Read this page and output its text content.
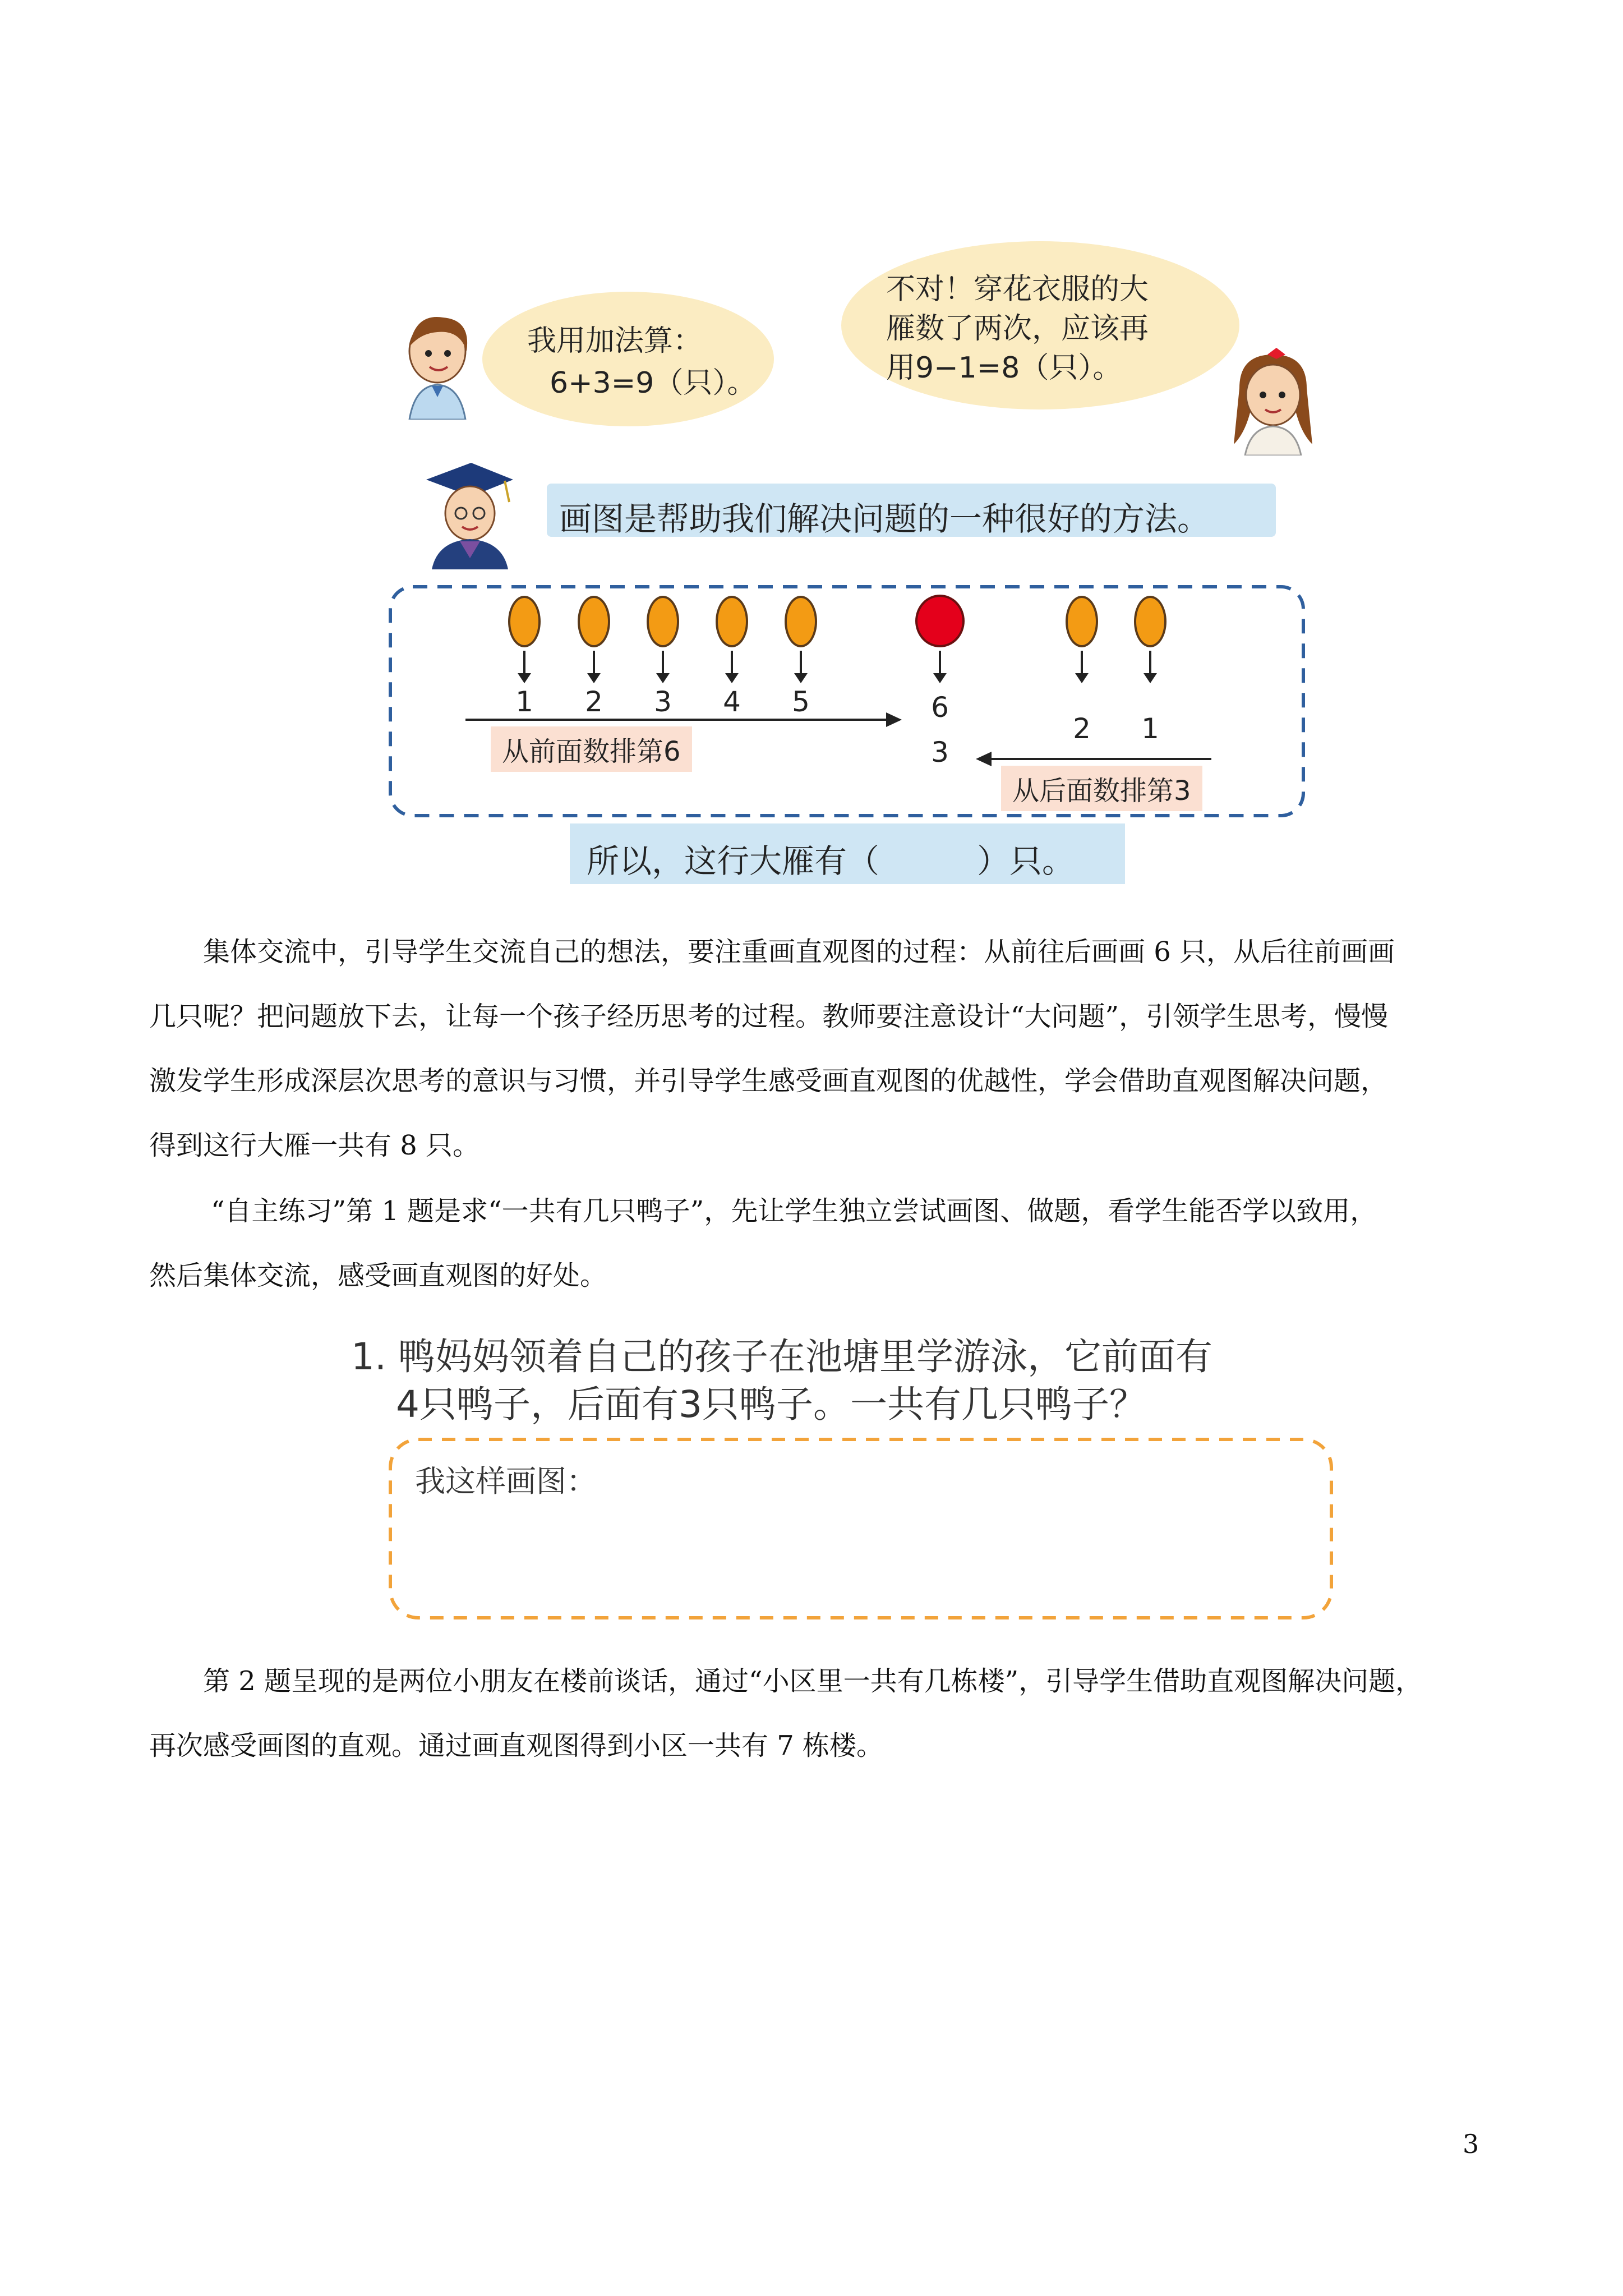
我用加法算：
6+3=9（只）。
不对！穿花衣服的大
雁数了两次，应该再
用9−1=8（只）。
画图是帮助我们解决问题的一种很好的方法。
1 2 3 4 5	6
3
2 1
从前面数排第6
从后面数排第3
所以，这行大雁有（　　　）只。
集体交流中，引导学生交流自己的想法，要注重画直观图的过程：从前往后画画 6 只，从后往前画画
几只呢？把问题放下去，让每一个孩子经历思考的过程。教师要注意设计“大问题”，引领学生思考，慢慢
激发学生形成深层次思考的意识与习惯，并引导学生感受画直观图的优越性，学会借助直观图解决问题，
得到这行大雁一共有 8 只。
“自主练习”第 1 题是求“一共有几只鸭子”，先让学生独立尝试画图、做题，看学生能否学以致用，
然后集体交流，感受画直观图的好处。
1. 鸭妈妈领着自己的孩子在池塘里学游泳，它前面有
4只鸭子，后面有3只鸭子。一共有几只鸭子？
我这样画图：
第 2 题呈现的是两位小朋友在楼前谈话，通过“小区里一共有几栋楼”，引导学生借助直观图解决问题，
再次感受画图的直观。通过画直观图得到小区一共有 7 栋楼。
3
